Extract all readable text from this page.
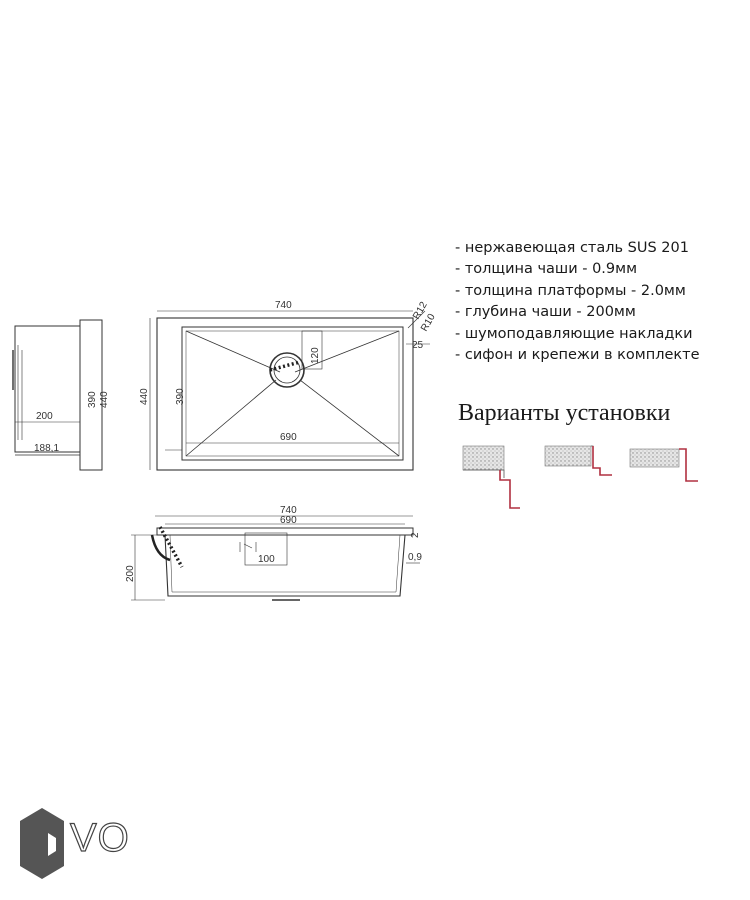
200
188,1
390 440
740
690
440	390
120
R12
R10
25
740
690
200
2
0,9
100
- нержавеющая сталь SUS 201
- толщина чаши - 0.9мм
- толщина платформы - 2.0мм
- глубина чаши - 200мм
- шумоподавляющие накладки
- сифон и крепежи в комплекте
Варианты установки
VO
